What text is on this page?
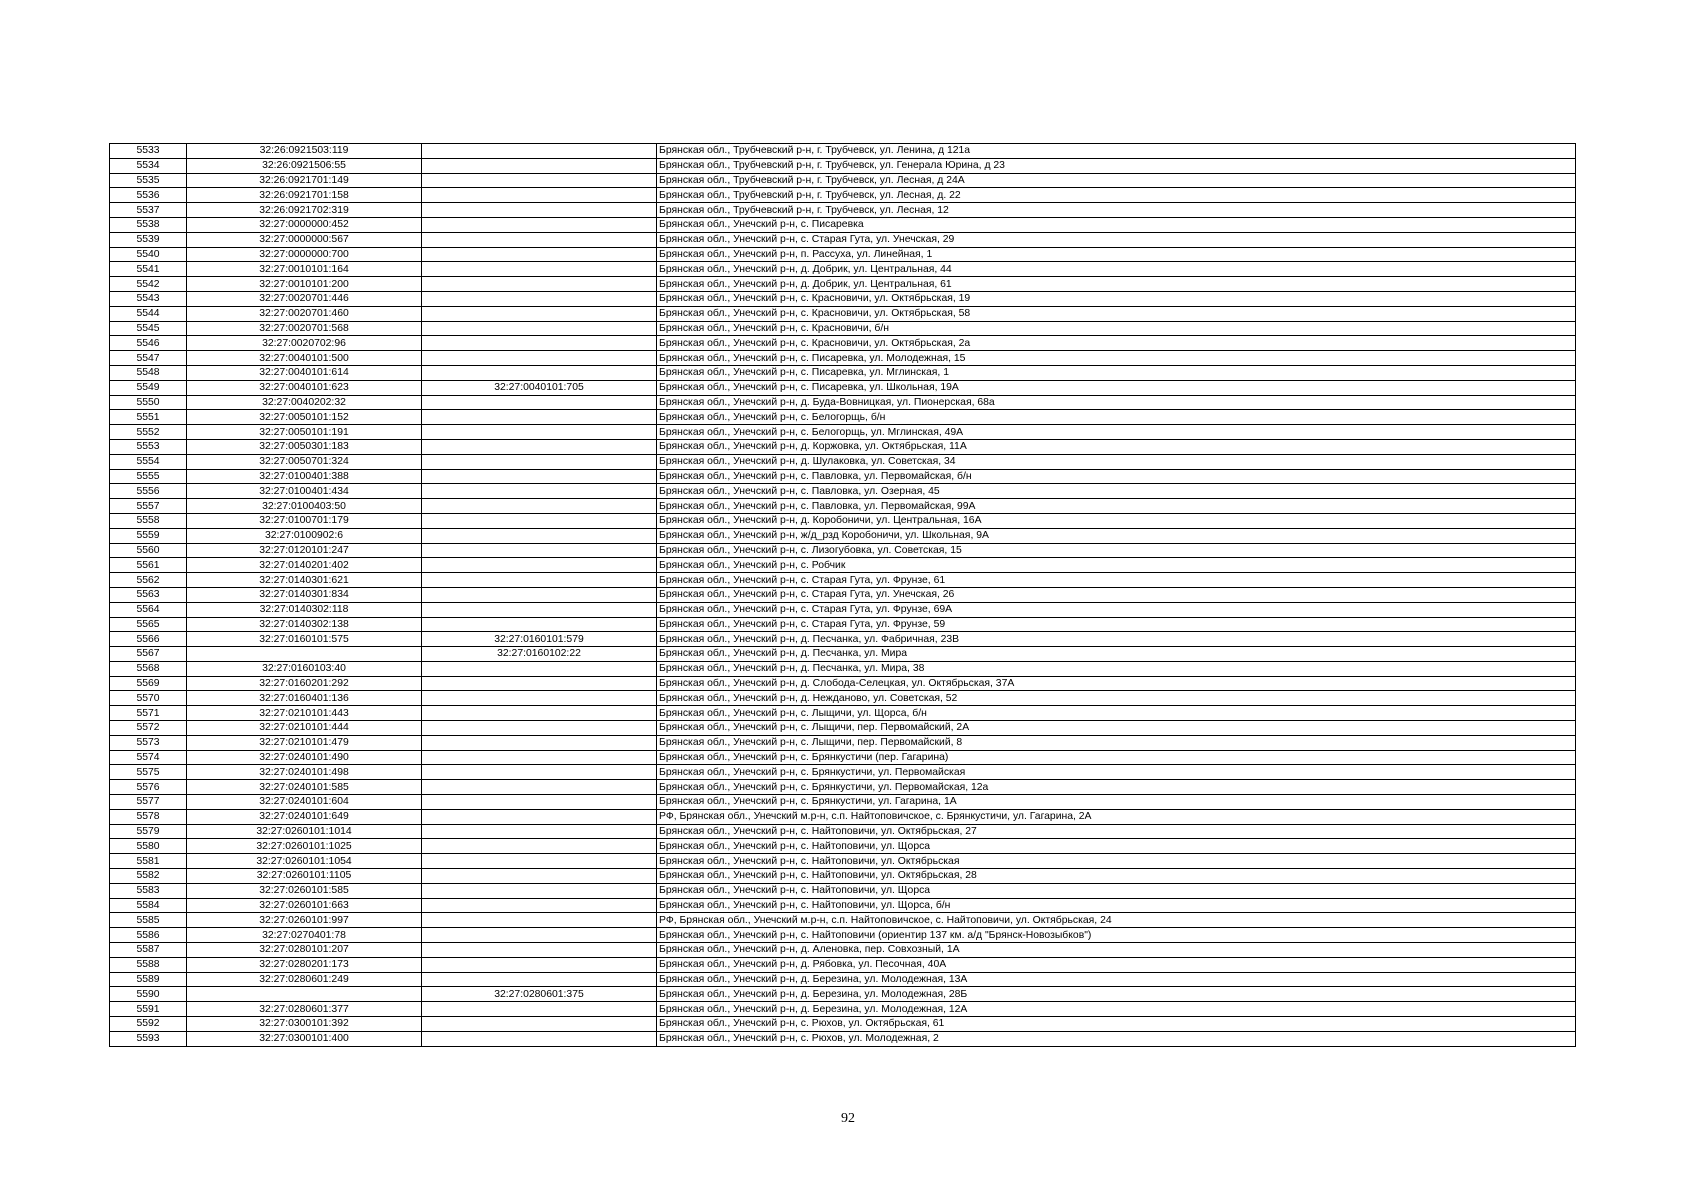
5533	32:26:0921503:119		Брянская обл., Трубчевский р-н, г. Трубчевск, ул. Ленина, д 121а
5534	32:26:0921506:55		Брянская обл., Трубчевский р-н, г. Трубчевск, ул. Генерала Юрина, д 23
5535	32:26:0921701:149		Брянская обл., Трубчевский р-н, г. Трубчевск, ул. Лесная, д 24А
5536	32:26:0921701:158		Брянская обл., Трубчевский р-н, г. Трубчевск, ул. Лесная, д. 22
5537	32:26:0921702:319		Брянская обл., Трубчевский р-н, г. Трубчевск, ул. Лесная, 12
5538	32:27:0000000:452		Брянская обл., Унечский р-н, с. Писаревка
5539	32:27:0000000:567		Брянская обл., Унечский р-н, с. Старая Гута, ул. Унечская, 29
5540	32:27:0000000:700		Брянская обл., Унечский р-н, п. Рассуха, ул. Линейная, 1
5541	32:27:0010101:164		Брянская обл., Унечский р-н, д. Добрик, ул. Центральная, 44
5542	32:27:0010101:200		Брянская обл., Унечский р-н, д. Добрик, ул. Центральная, 61
5543	32:27:0020701:446		Брянская обл., Унечский р-н, с. Красновичи, ул. Октябрьская, 19
5544	32:27:0020701:460		Брянская обл., Унечский р-н, с. Красновичи, ул. Октябрьская, 58
5545	32:27:0020701:568		Брянская обл., Унечский р-н, с. Красновичи, б/н
5546	32:27:0020702:96		Брянская обл., Унечский р-н, с. Красновичи, ул. Октябрьская, 2а
5547	32:27:0040101:500		Брянская обл., Унечский р-н, с. Писаревка, ул. Молодежная, 15
5548	32:27:0040101:614		Брянская обл., Унечский р-н, с. Писаревка, ул. Мглинская, 1
5549	32:27:0040101:623	32:27:0040101:705	Брянская обл., Унечский р-н, с. Писаревка, ул. Школьная, 19А
5550	32:27:0040202:32		Брянская обл., Унечский р-н, д. Буда-Вовницкая, ул. Пионерская, 68а
5551	32:27:0050101:152		Брянская обл., Унечский р-н, с. Белогорщь, б/н
5552	32:27:0050101:191		Брянская обл., Унечский р-н, с. Белогорщь, ул. Мглинская, 49А
5553	32:27:0050301:183		Брянская обл., Унечский р-н, д. Коржовка, ул. Октябрьская, 11А
5554	32:27:0050701:324		Брянская обл., Унечский р-н, д. Шулаковка, ул. Советская, 34
5555	32:27:0100401:388		Брянская обл., Унечский р-н, с. Павловка, ул. Первомайская, б/н
5556	32:27:0100401:434		Брянская обл., Унечский р-н, с. Павловка, ул. Озерная, 45
5557	32:27:0100403:50		Брянская обл., Унечский р-н, с. Павловка, ул. Первомайская, 99А
5558	32:27:0100701:179		Брянская обл., Унечский р-н, д. Коробоничи, ул. Центральная, 16А
5559	32:27:0100902:6		Брянская обл., Унечский р-н, ж/д_рзд Коробоничи, ул. Школьная, 9А
5560	32:27:0120101:247		Брянская обл., Унечский р-н, с. Лизогубовка, ул. Советская, 15
5561	32:27:0140201:402		Брянская обл., Унечский р-н, с. Робчик
5562	32:27:0140301:621		Брянская обл., Унечский р-н, с. Старая Гута, ул. Фрунзе, 61
5563	32:27:0140301:834		Брянская обл., Унечский р-н, с. Старая Гута, ул. Унечская, 26
5564	32:27:0140302:118		Брянская обл., Унечский р-н, с. Старая Гута, ул. Фрунзе, 69А
5565	32:27:0140302:138		Брянская обл., Унечский р-н, с. Старая Гута, ул. Фрунзе, 59
5566	32:27:0160101:575	32:27:0160101:579	Брянская обл., Унечский р-н, д. Песчанка, ул. Фабричная, 23В
5567		32:27:0160102:22	Брянская обл., Унечский р-н, д. Песчанка, ул. Мира
5568	32:27:0160103:40		Брянская обл., Унечский р-н, д. Песчанка, ул. Мира, 38
5569	32:27:0160201:292		Брянская обл., Унечский р-н, д. Слобода-Селецкая, ул. Октябрьская, 37А
5570	32:27:0160401:136		Брянская обл., Унечский р-н, д. Нежданово, ул. Советская, 52
5571	32:27:0210101:443		Брянская обл., Унечский р-н, с. Лыщичи, ул. Щорса, б/н
5572	32:27:0210101:444		Брянская обл., Унечский р-н, с. Лыщичи, пер. Первомайский, 2А
5573	32:27:0210101:479		Брянская обл., Унечский р-н, с. Лыщичи, пер. Первомайский, 8
5574	32:27:0240101:490		Брянская обл., Унечский р-н, с. Брянкустичи (пер. Гагарина)
5575	32:27:0240101:498		Брянская обл., Унечский р-н, с. Брянкустичи, ул. Первомайская
5576	32:27:0240101:585		Брянская обл., Унечский р-н, с. Брянкустичи, ул. Первомайская, 12а
5577	32:27:0240101:604		Брянская обл., Унечский р-н, с. Брянкустичи, ул. Гагарина, 1А
5578	32:27:0240101:649		РФ, Брянская обл., Унечский м.р-н, с.п. Найтоповичское, с. Брянкустичи, ул. Гагарина, 2А
5579	32:27:0260101:1014		Брянская обл., Унечский р-н, с. Найтоповичи, ул. Октябрьская, 27
5580	32:27:0260101:1025		Брянская обл., Унечский р-н, с. Найтоповичи, ул. Щорса
5581	32:27:0260101:1054		Брянская обл., Унечский р-н, с. Найтоповичи, ул. Октябрьская
5582	32:27:0260101:1105		Брянская обл., Унечский р-н, с. Найтоповичи, ул. Октябрьская, 28
5583	32:27:0260101:585		Брянская обл., Унечский р-н, с. Найтоповичи, ул. Щорса
5584	32:27:0260101:663		Брянская обл., Унечский р-н, с. Найтоповичи, ул. Щорса, б/н
5585	32:27:0260101:997		РФ, Брянская обл., Унечский м.р-н, с.п. Найтоповичское, с. Найтоповичи, ул. Октябрьская, 24
5586	32:27:0270401:78		Брянская обл., Унечский р-н, с. Найтоповичи (ориентир 137 км. а/д "Брянск-Новозыбков")
5587	32:27:0280101:207		Брянская обл., Унечский р-н, д. Аленовка, пер. Совхозный, 1А
5588	32:27:0280201:173		Брянская обл., Унечский р-н, д. Рябовка, ул. Песочная, 40А
5589	32:27:0280601:249		Брянская обл., Унечский р-н, д. Березина, ул. Молодежная, 13А
5590		32:27:0280601:375	Брянская обл., Унечский р-н, д. Березина, ул. Молодежная, 28Б
5591	32:27:0280601:377		Брянская обл., Унечский р-н, д. Березина, ул. Молодежная, 12А
5592	32:27:0300101:392		Брянская обл., Унечский р-н, с. Рюхов, ул. Октябрьская, 61
5593	32:27:0300101:400		Брянская обл., Унечский р-н, с. Рюхов, ул. Молодежная, 2
92
